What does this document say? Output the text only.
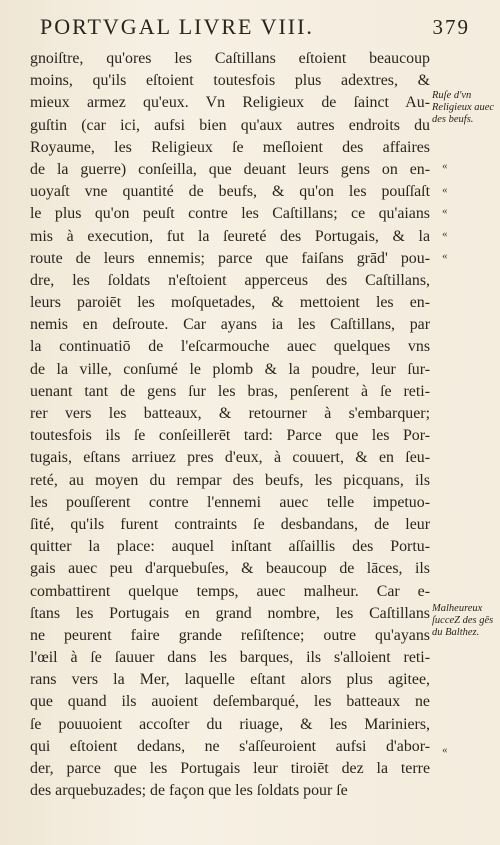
PORTVGAL LIVRE VIII.	379
gnoiſtre, qu'ores les Caſtillans eſtoient beaucoup
moins, qu'ils eſtoient toutesfois plus adextres, &
mieux armez qu'eux. Vn Religieux de ſainct Au-
guſtin (car ici, aufsi bien qu'aux autres endroits du
Royaume, les Religieux ſe meſloient des affaires
de la guerre) conſeilla, que deuant leurs gens on en-
uoyaſt vne quantité de beufs, & qu'on les pouſſaſt
le plus qu'on peuſt contre les Caſtillans; ce qu'aians
mis à execution, fut la ſeureté des Portugais, & la
route de leurs ennemis; parce que faiſans grād' pou-
dre, les ſoldats n'eſtoient apperceus des Caſtillans,
leurs paroiēt les moſquetades, & mettoient les en-
nemis en deſroute. Car ayans ia les Caſtillans, par
la continuatiō de l'eſcarmouche auec quelques vns
de la ville, conſumé le plomb & la poudre, leur ſur-
uenant tant de gens ſur les bras, penſerent à ſe reti-
rer vers les batteaux, & retourner à s'embarquer;
toutesfois ils ſe conſeillerēt tard: Parce que les Por-
tugais, eſtans arriuez pres d'eux, à couuert, & en ſeu-
reté, au moyen du rempar des beufs, les picquans, ils
les pouſſerent contre l'ennemi auec telle impetuo-
ſité, qu'ils furent contraints ſe desbandans, de leur
quitter la place: auquel inſtant aſſaillis des Portu-
gais auec peu d'arquebuſes, & beaucoup de lāces, ils
combattirent quelque temps, auec malheur. Car e-
ſtans les Portugais en grand nombre, les Caſtillans
ne peurent faire grande reſiſtence; outre qu'ayans
l'œil à ſe ſauuer dans les barques, ils s'alloient reti-
rans vers la Mer, laquelle eſtant alors plus agitee,
que quand ils auoient deſembarqué, les batteaux ne
ſe pouuoient accoſter du riuage, & les Mariniers,
qui eſtoient dedans, ne s'aſſeuroient aufsi d'abor-
der, parce que les Portugais leur tiroiēt dez la terre
des arquebuzades; de façon que les ſoldats pour ſe
Ruſe d'vn Religieux auec des beufs.
Malheureux ſucceZ des gēs du Balthez.
«
«
«
«
«
«
